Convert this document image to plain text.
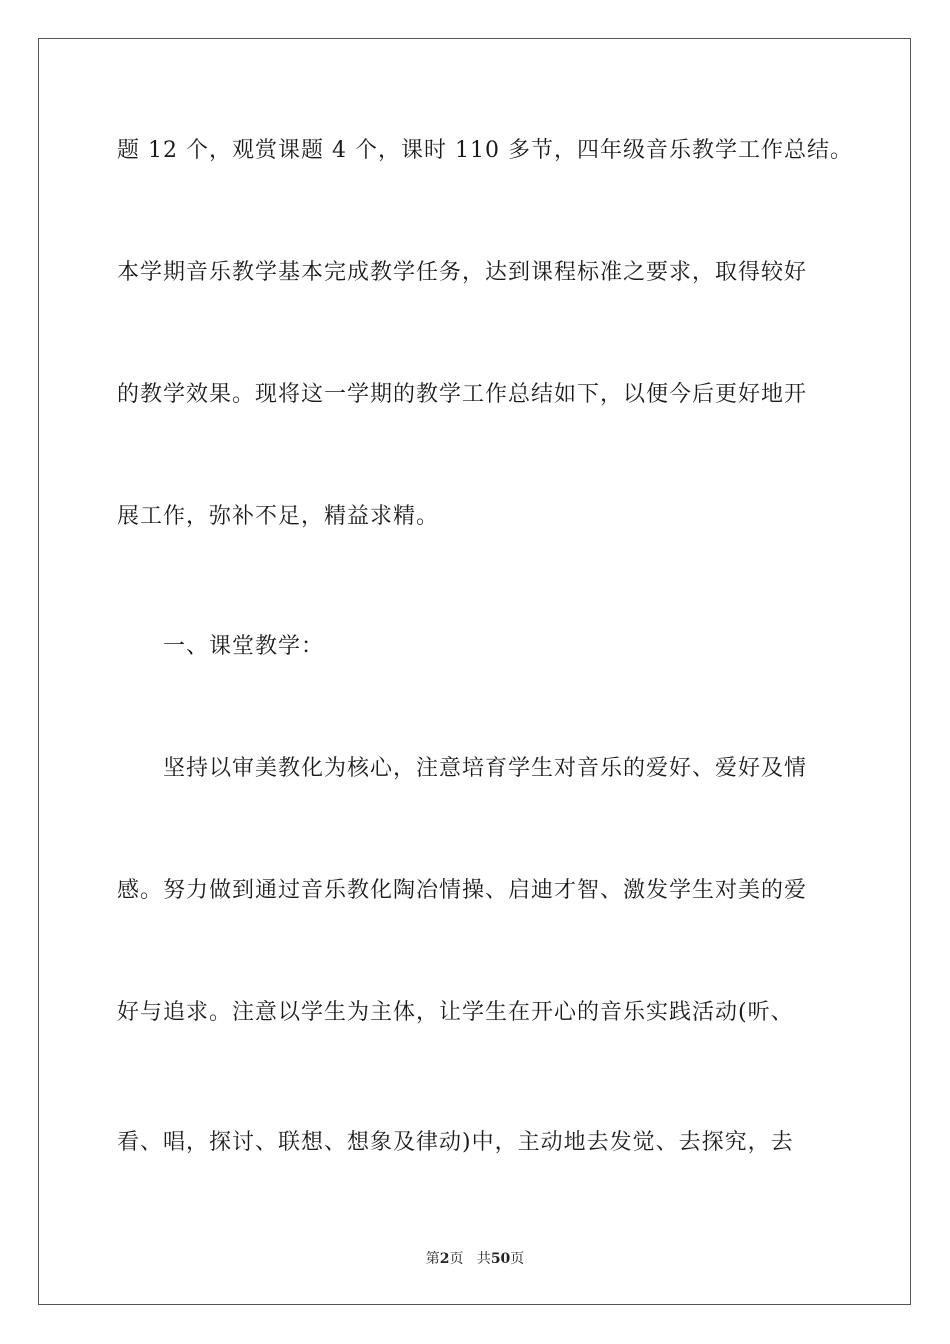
题 12 个，观赏课题 4 个，课时 110 多节，四年级音乐教学工作总结。
本学期音乐教学基本完成教学任务，达到课程标准之要求，取得较好
的教学效果。现将这一学期的教学工作总结如下，以便今后更好地开
展工作，弥补不足，精益求精。
一、课堂教学：
坚持以审美教化为核心，注意培育学生对音乐的爱好、爱好及情
感。努力做到通过音乐教化陶冶情操、启迪才智、激发学生对美的爱
好与追求。注意以学生为主体，让学生在开心的音乐实践活动(听、
看、唱，探讨、联想、想象及律动)中，主动地去发觉、去探究，去
第2页 共50页
